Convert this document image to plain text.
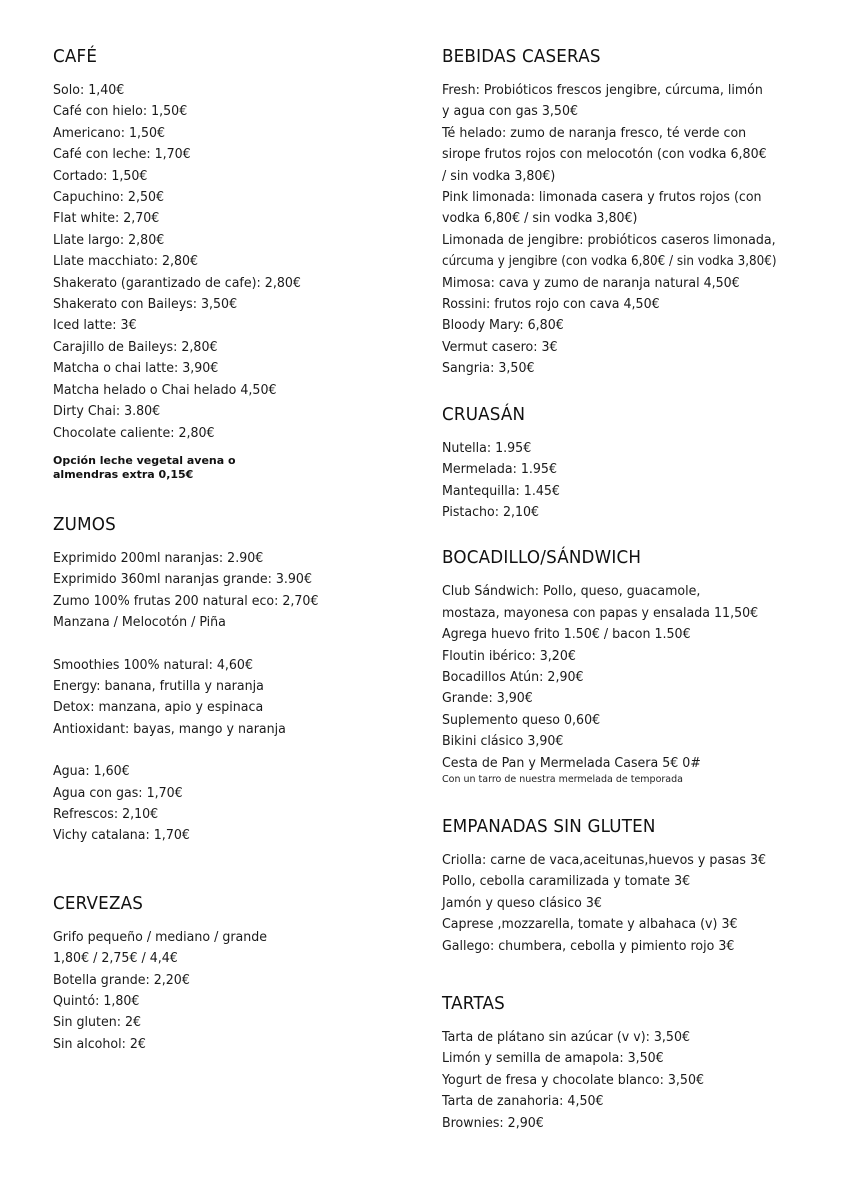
CAFÉ
Solo: 1,40€
Café con hielo: 1,50€
Americano: 1,50€
Café con leche: 1,70€
Cortado: 1,50€
Capuchino: 2,50€
Flat white: 2,70€
Llate largo: 2,80€
Llate macchiato: 2,80€
Shakerato (garantizado de cafe): 2,80€
Shakerato con Baileys: 3,50€
Iced latte: 3€
Carajillo de Baileys: 2,80€
Matcha o chai latte: 3,90€
Matcha helado o Chai helado 4,50€
Dirty Chai: 3.80€
Chocolate caliente: 2,80€
Opción leche vegetal avena o
almendras extra 0,15€
ZUMOS
Exprimido 200ml naranjas: 2.90€
Exprimido 360ml naranjas grande: 3.90€
Zumo 100% frutas 200 natural eco: 2,70€
Manzana / Melocotón / Piña
Smoothies 100% natural: 4,60€
Energy: banana, frutilla y naranja
Detox: manzana, apio y espinaca
Antioxidant: bayas, mango y naranja
Agua: 1,60€
Agua con gas: 1,70€
Refrescos: 2,10€
Vichy catalana: 1,70€
CERVEZAS
Grifo pequeño / mediano / grande
1,80€ / 2,75€ / 4,4€
Botella grande: 2,20€
Quintó: 1,80€
Sin gluten: 2€
Sin alcohol: 2€
BEBIDAS CASERAS
Fresh: Probióticos frescos jengibre, cúrcuma, limón
y agua con gas 3,50€
Té helado: zumo de naranja fresco, té verde con
sirope frutos rojos con melocotón (con vodka 6,80€
/ sin vodka 3,80€)
Pink limonada: limonada casera y frutos rojos (con
vodka 6,80€ / sin vodka 3,80€)
Limonada de jengibre: probióticos caseros limonada,
cúrcuma y jengibre (con vodka 6,80€ / sin vodka 3,80€)
Mimosa: cava y zumo de naranja natural 4,50€
Rossini: frutos rojo con cava 4,50€
Bloody Mary: 6,80€
Vermut casero: 3€
Sangria: 3,50€
CRUASÁN
Nutella: 1.95€
Mermelada: 1.95€
Mantequilla: 1.45€
Pistacho: 2,10€
BOCADILLO/SÁNDWICH
Club Sándwich: Pollo, queso, guacamole,
mostaza, mayonesa con papas y ensalada 11,50€
Agrega huevo frito 1.50€ / bacon 1.50€
Floutin ibérico: 3,20€
Bocadillos Atún: 2,90€
Grande: 3,90€
Suplemento queso 0,60€
Bikini clásico 3,90€
Cesta de Pan y Mermelada Casera 5€ 0#
Con un tarro de nuestra mermelada de temporada
EMPANADAS SIN GLUTEN
Criolla: carne de vaca,aceitunas,huevos y pasas 3€
Pollo, cebolla caramilizada y tomate 3€
Jamón y queso clásico 3€
Caprese ,mozzarella, tomate y albahaca (v) 3€
Gallego: chumbera, cebolla y pimiento rojo 3€
TARTAS
Tarta de plátano sin azúcar (v v): 3,50€
Limón y semilla de amapola: 3,50€
Yogurt de fresa y chocolate blanco: 3,50€
Tarta de zanahoria: 4,50€
Brownies: 2,90€
